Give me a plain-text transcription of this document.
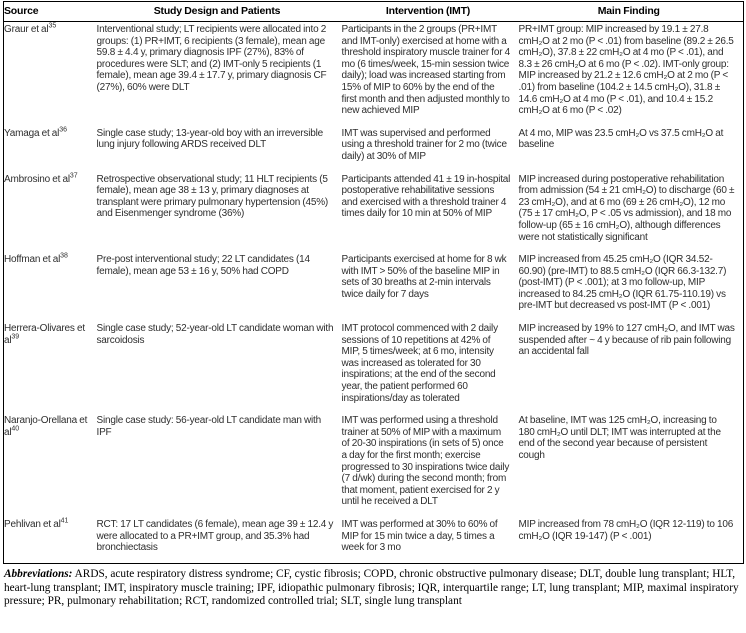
Source	Study Design and Patients	Intervention (IMT)	Main Finding
Graur et al$^{35}$	Interventional study; LT recipients were allocated into 2 groups: (1) PR+IMT, 6 recipients (3 female), mean age 59.8 ± 4.4 y, primary diagnosis IPF (27%), 83% of procedures were SLT; and (2) IMT-only 5 recipients (1 female), mean age 39.4 ± 17.7 y, primary diagnosis CF (27%), 60% were DLT	Participants in the 2 groups (PR+IMT and IMT-only) exercised at home with a threshold inspiratory muscle trainer for 4 mo (6 times/week, 15-min session twice daily); load was increased starting from 15% of MIP to 60% by the end of the first month and then adjusted monthly to new achieved MIP	PR+IMT group: MIP increased by 19.1 ± 27.8 cmH₂O at 2 mo (P < .01) from baseline (89.2 ± 26.5 cmH₂O), 37.8 ± 22 cmH₂O at 4 mo (P < .01), and 8.3 ± 26 cmH₂O at 6 mo (P < .02). IMT-only group: MIP increased by 21.2 ± 12.6 cmH₂O at 2 mo (P < .01) from baseline (104.2 ± 14.5 cmH₂O), 31.8 ± 14.6 cmH₂O at 4 mo (P < .01), and 10.4 ± 15.2 cmH₂O at 6 mo (P < .02)
Yamaga et al$^{36}$	Single case study; 13-year-old boy with an irreversible lung injury following ARDS received DLT	IMT was supervised and performed using a threshold trainer for 2 mo (twice daily) at 30% of MIP	At 4 mo, MIP was 23.5 cmH₂O vs 37.5 cmH₂O at baseline
Ambrosino et al$^{37}$	Retrospective observational study; 11 HLT recipients (5 female), mean age 38 ± 13 y, primary diagnoses at transplant were primary pulmonary hypertension (45%) and Eisenmenger syndrome (36%)	Participants attended 41 ± 19 in-hospital postoperative rehabilitative sessions and exercised with a threshold trainer 4 times daily for 10 min at 50% of MIP	MIP increased during postoperative rehabilitation from admission (54 ± 21 cmH₂O) to discharge (60 ± 23 cmH₂O), and at 6 mo (69 ± 26 cmH₂O), 12 mo (75 ± 17 cmH₂O, P < .05 vs admission), and 18 mo follow-up (65 ± 16 cmH₂O), although differences were not statistically significant
Hoffman et al$^{38}$	Pre-post interventional study; 22 LT candidates (14 female), mean age 53 ± 16 y, 50% had COPD	Participants exercised at home for 8 wk with IMT > 50% of the baseline MIP in sets of 30 breaths at 2-min intervals twice daily for 7 days	MIP increased from 45.25 cmH₂O (IQR 34.52-60.90) (pre-IMT) to 88.5 cmH₂O (IQR 66.3-132.7) (post-IMT) (P < .001); at 3 mo follow-up, MIP increased to 84.25 cmH₂O (IQR 61.75-110.19) vs pre-IMT but decreased vs post-IMT (P < .001)
Herrera-Olivares et al$^{39}$	Single case study; 52-year-old LT candidate woman with sarcoidosis	IMT protocol commenced with 2 daily sessions of 10 repetitions at 42% of MIP, 5 times/week; at 6 mo, intensity was increased as tolerated for 30 inspirations; at the end of the second year, the patient performed 60 inspirations/day as tolerated	MIP increased by 19% to 127 cmH₂O, and IMT was suspended after ~ 4 y because of rib pain following an accidental fall
Naranjo-Orellana et al$^{40}$	Single case study: 56-year-old LT candidate man with IPF	IMT was performed using a threshold trainer at 50% of MIP with a maximum of 20-30 inspirations (in sets of 5) once a day for the first month; exercise progressed to 30 inspirations twice daily (7 d/wk) during the second month; from that moment, patient exercised for 2 y until he received a DLT	At baseline, IMT was 125 cmH₂O, increasing to 180 cmH₂O until DLT; IMT was interrupted at the end of the second year because of persistent cough
Pehlivan et al$^{41}$	RCT: 17 LT candidates (6 female), mean age 39 ± 12.4 y were allocated to a PR+IMT group, and 35.3% had bronchiectasis	IMT was performed at 30% to 60% of MIP for 15 min twice a day, 5 times a week for 3 mo	MIP increased from 78 cmH₂O (IQR 12-119) to 106 cmH₂O (IQR 19-147) (P < .001)
Abbreviations: ARDS, acute respiratory distress syndrome; CF, cystic fibrosis; COPD, chronic obstructive pulmonary disease; DLT, double lung transplant; HLT, heart-lung transplant; IMT, inspiratory muscle training; IPF, idiopathic pulmonary fibrosis; IQR, interquartile range; LT, lung transplant; MIP, maximal inspiratory pressure; PR, pulmonary rehabilitation; RCT, randomized controlled trial; SLT, single lung transplant
